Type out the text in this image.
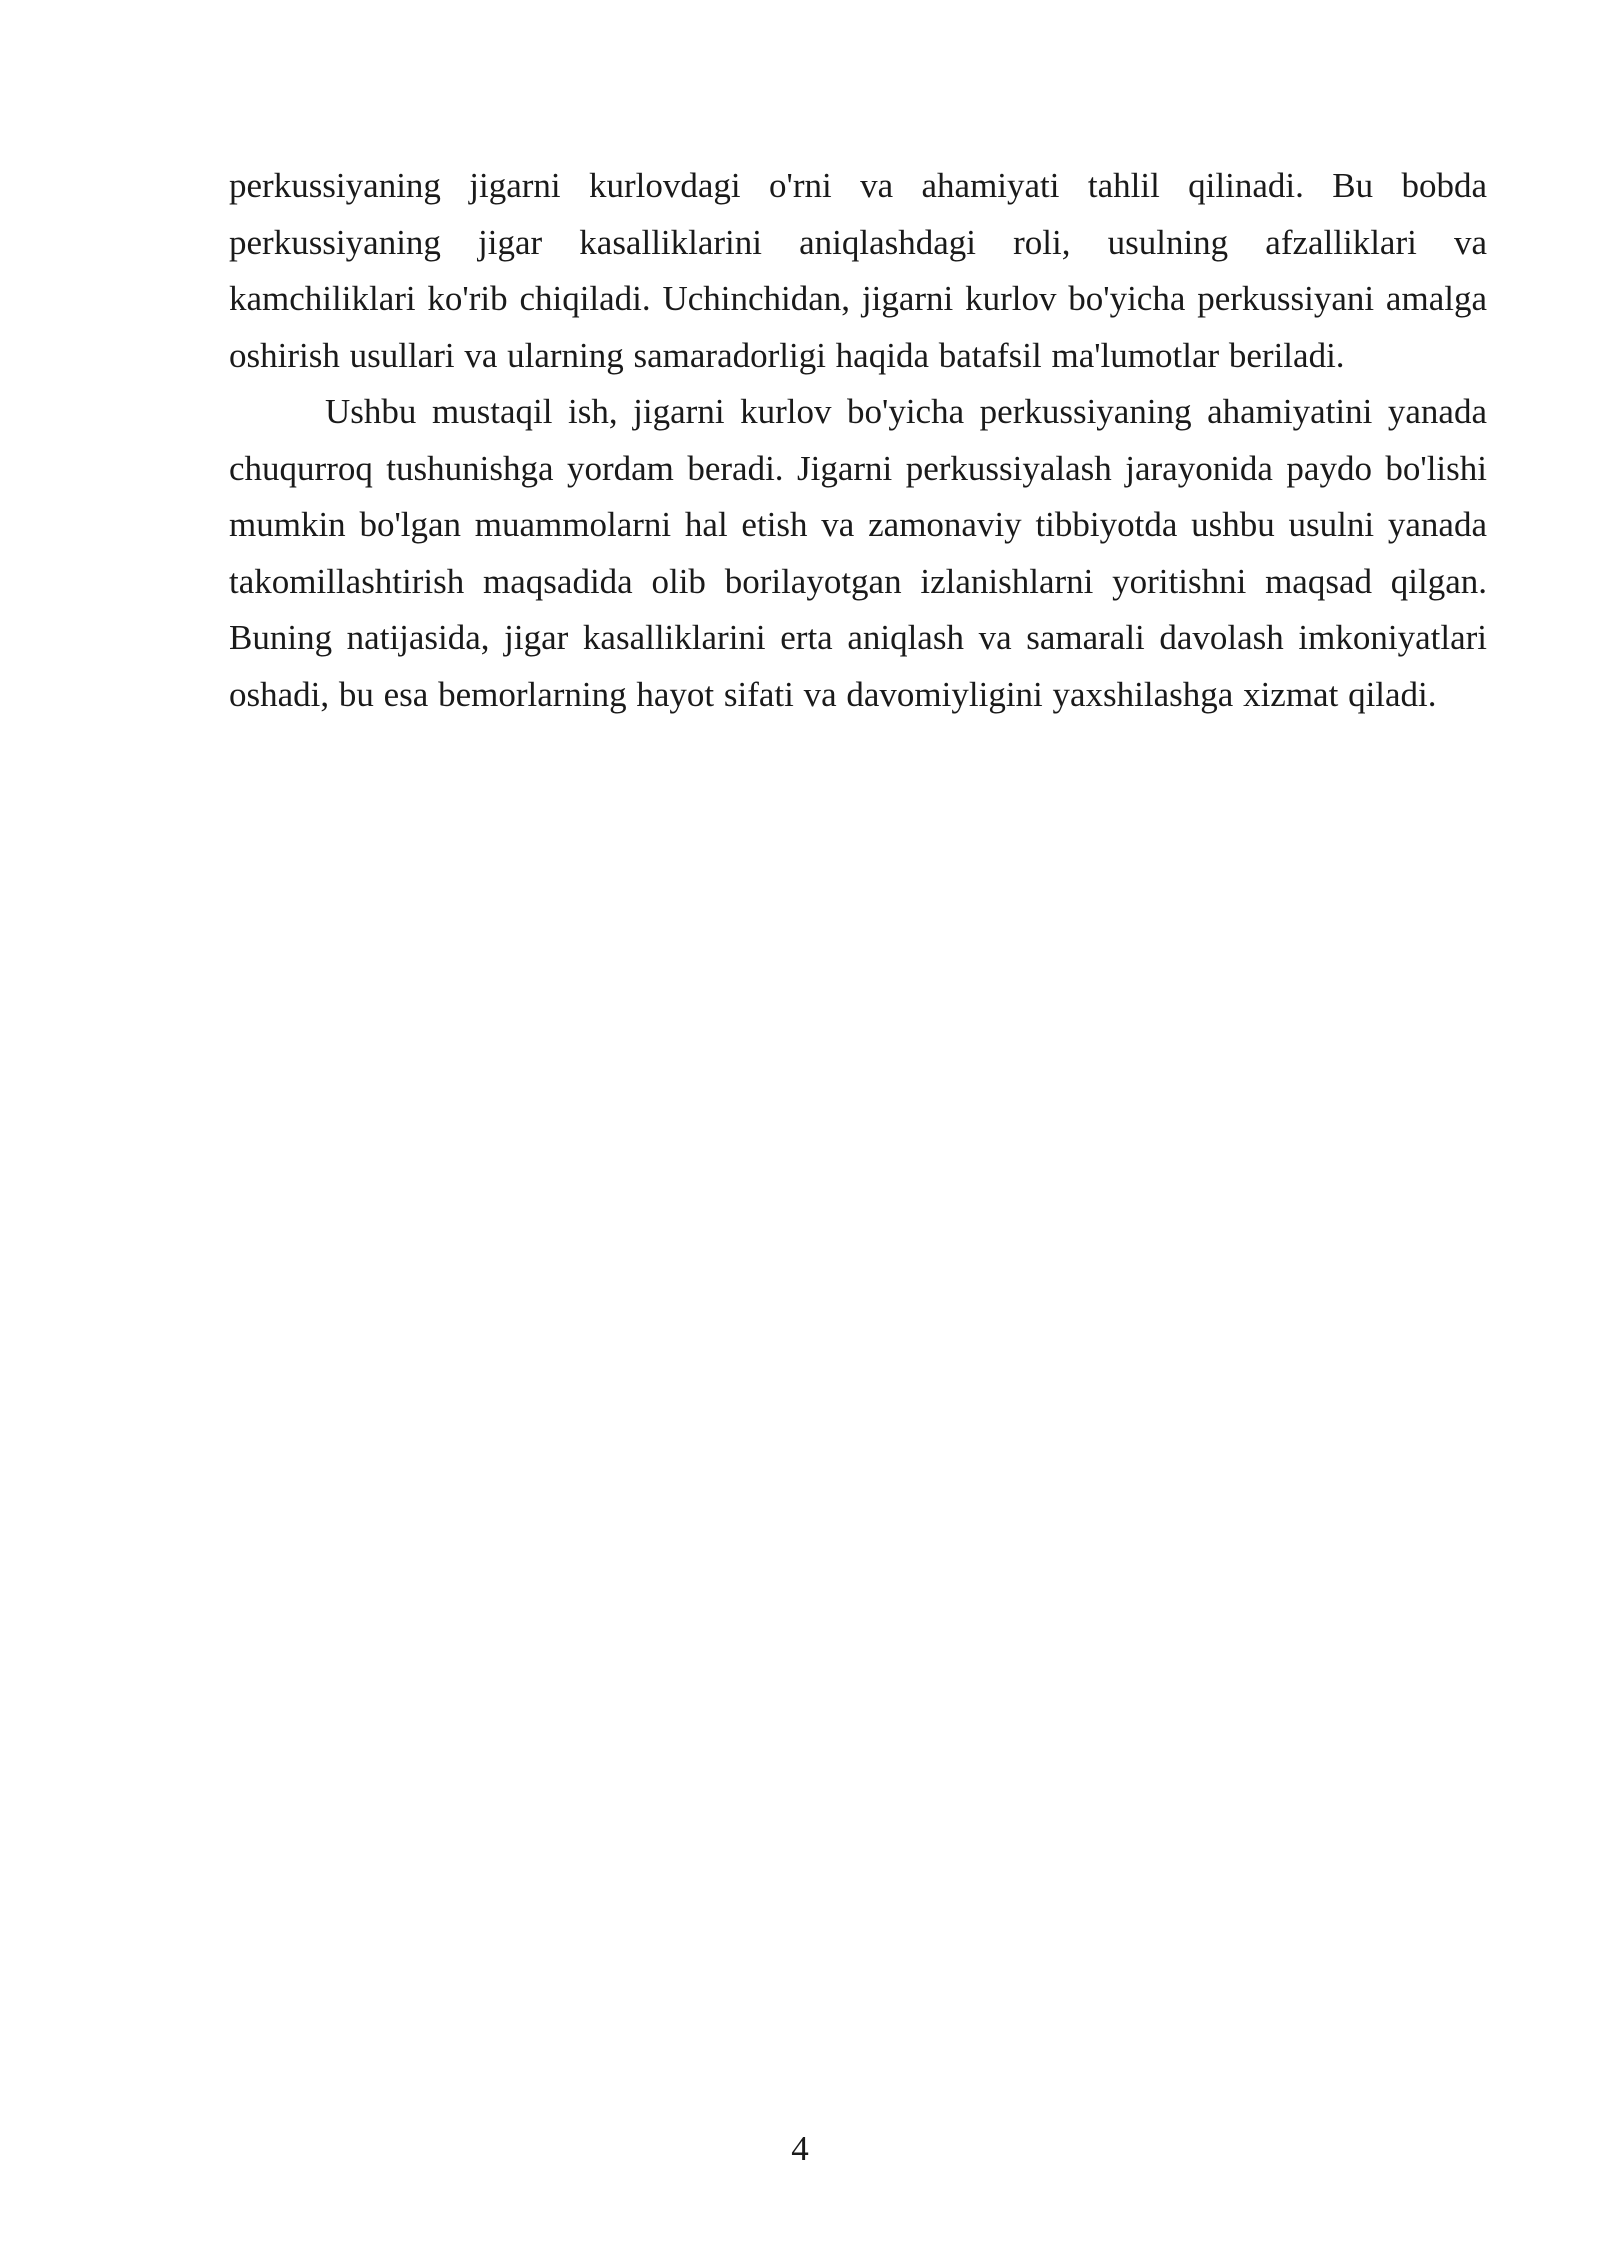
perkussiyaning jigarni kurlovdagi o'rni va ahamiyati tahlil qilinadi. Bu bobda perkussiyaning jigar kasalliklarini aniqlashdagi roli, usulning afzalliklari va kamchiliklari ko'rib chiqiladi. Uchinchidan, jigarni kurlov bo'yicha perkussiyani amalga oshirish usullari va ularning samaradorligi haqida batafsil ma'lumotlar beriladi.

Ushbu mustaqil ish, jigarni kurlov bo'yicha perkussiyaning ahamiyatini yanada chuqurroq tushunishga yordam beradi. Jigarni perkussiyalash jarayonida paydo bo'lishi mumkin bo'lgan muammolarni hal etish va zamonaviy tibbiyotda ushbu usulni yanada takomillashtirish maqsadida olib borilayotgan izlanishlarni yoritishni maqsad qilgan. Buning natijasida, jigar kasalliklarini erta aniqlash va samarali davolash imkoniyatlari oshadi, bu esa bemorlarning hayot sifati va davomiyligini yaxshilashga xizmat qiladi.

4
